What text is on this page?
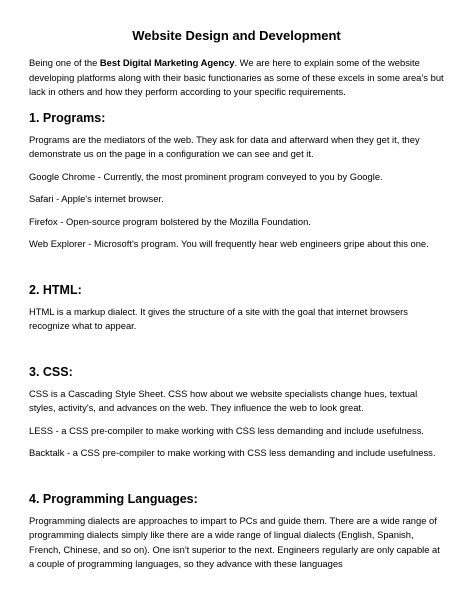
Website Design and Development

Being one of the Best Digital Marketing Agency. We are here to explain some of the website developing platforms along with their basic functionaries as some of these excels in some area’s but lack in others and how they perform according to your specific requirements.

1. Programs:

Programs are the mediators of the web. They ask for data and afterward when they get it, they demonstrate us on the page in a configuration we can see and get it.

Google Chrome - Currently, the most prominent program conveyed to you by Google.

Safari - Apple's internet browser.

Firefox - Open-source program bolstered by the Mozilla Foundation.

Web Explorer - Microsoft's program. You will frequently hear web engineers gripe about this one.

2. HTML:

HTML is a markup dialect. It gives the structure of a site with the goal that internet browsers recognize what to appear.

3. CSS:

CSS is a Cascading Style Sheet. CSS how about we website specialists change hues, textual styles, activity's, and advances on the web. They influence the web to look great.

LESS - a CSS pre-compiler to make working with CSS less demanding and include usefulness.

Backtalk - a CSS pre-compiler to make working with CSS less demanding and include usefulness.

4. Programming Languages:

Programming dialects are approaches to impart to PCs and guide them. There are a wide range of programming dialects simply like there are a wide range of lingual dialects (English, Spanish, French, Chinese, and so on). One isn't superior to the next. Engineers regularly are only capable at a couple of programming languages, so they advance with these languages
